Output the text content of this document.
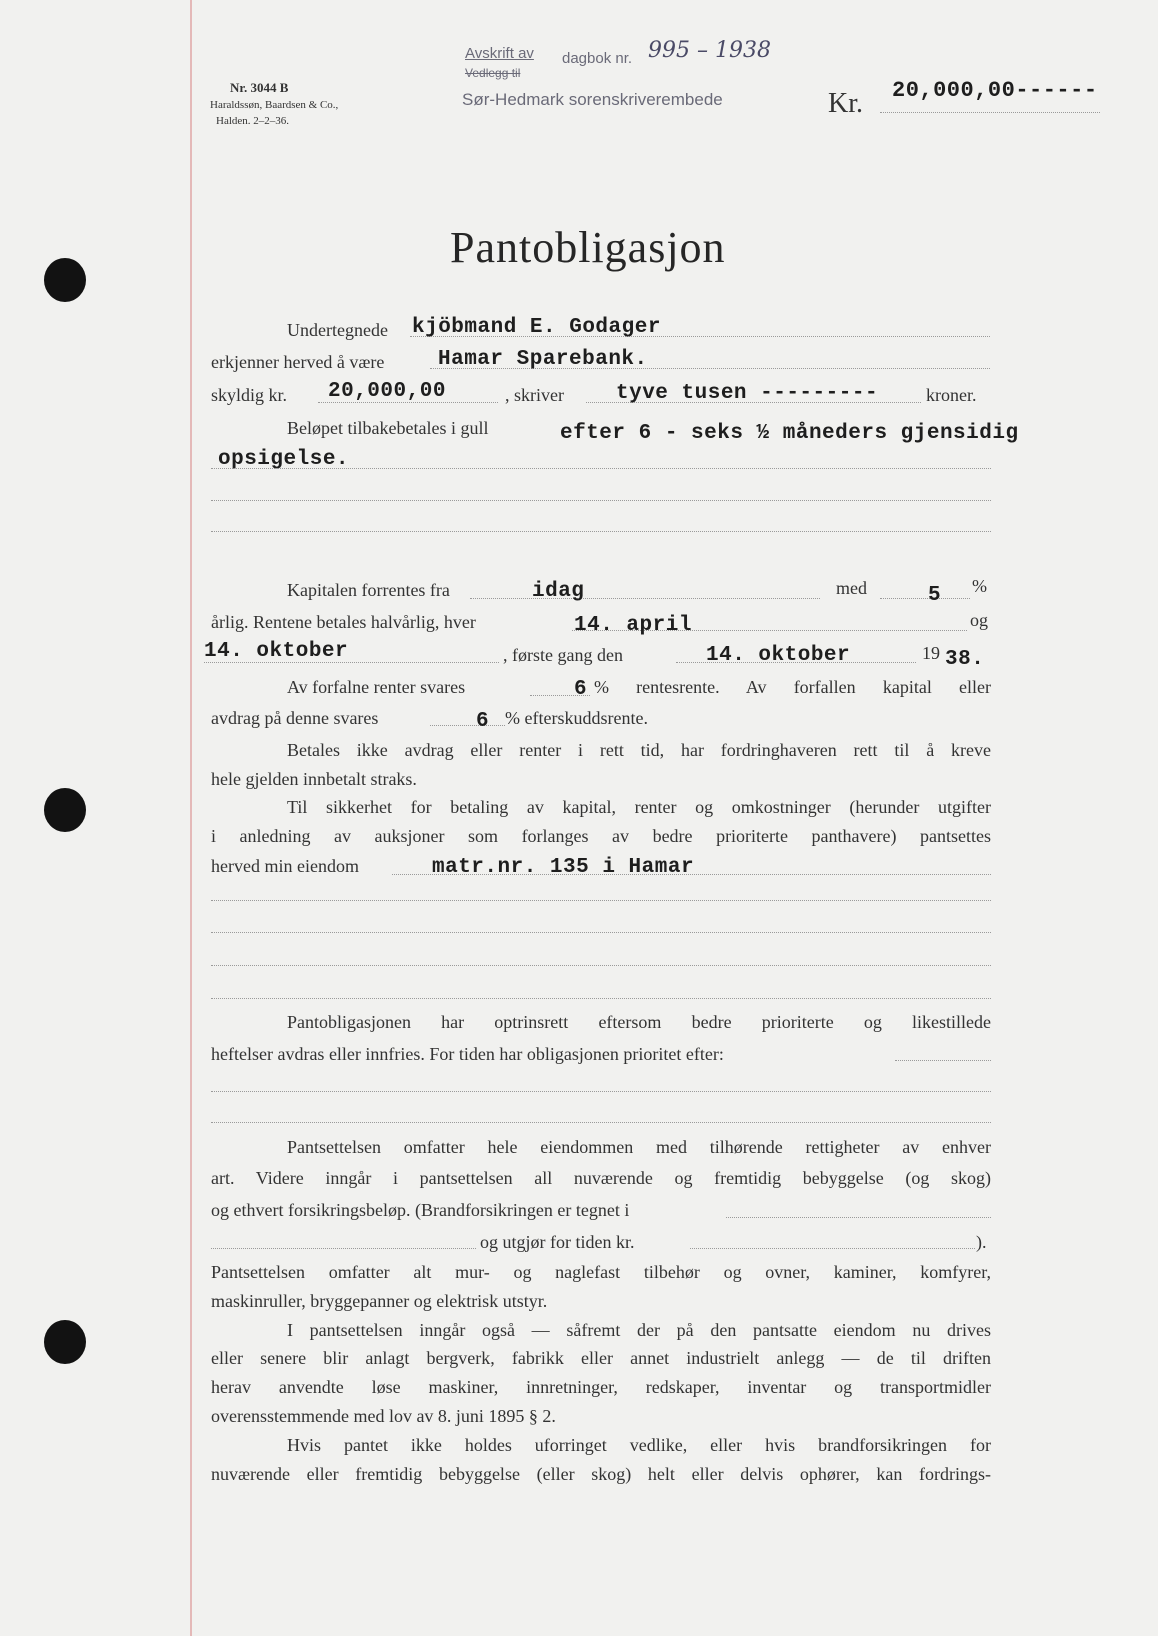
Nr. 3044 B
Haraldssøn, Baardsen & Co.,
Halden. 2–2–36.
Avskrift av dagbok nr. 995 – 1938
Vedlegg til
Sør-Hedmark sorenskriverembede	Kr. 20,000,00------
Pantobligasjon
Undertegnede kjöbmand E. Godager
erkjenner herved å være	Hamar Sparebank.
skyldig kr. 20,000,00	, skriver tyve tusen ---------	kroner.
Beløpet tilbakebetales i gull	efter 6 - seks ½ måneders gjensidig
opsigelse.
Kapitalen forrentes fra	idag	med	5 %
årlig. Rentene betales halvårlig, hver	14. april	og
14. oktober	, første gang den	14. oktober	19 38.
Av forfalne renter svares	6 % rentesrente. Av forfallen kapital eller
avdrag på denne svares	6 % efterskuddsrente.
Betales ikke avdrag eller renter i rett tid, har fordringhaveren rett til å kreve
hele gjelden innbetalt straks.
Til sikkerhet for betaling av kapital, renter og omkostninger (herunder utgifter
i anledning av auksjoner som forlanges av bedre prioriterte panthavere) pantsettes
herved min eiendom	matr.nr. 135 i Hamar
Pantobligasjonen har optrinsrett eftersom bedre prioriterte og likestillede
heftelser avdras eller innfries. For tiden har obligasjonen prioritet efter:
Pantsettelsen omfatter hele eiendommen med tilhørende rettigheter av enhver
art. Videre inngår i pantsettelsen all nuværende og fremtidig bebyggelse (og skog)
og ethvert forsikringsbeløp. (Brandforsikringen er tegnet i
og utgjør for tiden kr.	).
Pantsettelsen omfatter alt mur- og naglefast tilbehør og ovner, kaminer, komfyrer,
maskinruller, bryggepanner og elektrisk utstyr.
I pantsettelsen inngår også — såfremt der på den pantsatte eiendom nu drives
eller senere blir anlagt bergverk, fabrikk eller annet industrielt anlegg — de til driften
herav anvendte løse maskiner, innretninger, redskaper, inventar og transportmidler
overensstemmende med lov av 8. juni 1895 § 2.
Hvis pantet ikke holdes uforringet vedlike, eller hvis brandforsikringen for
nuværende eller fremtidig bebyggelse (eller skog) helt eller delvis ophører, kan fordrings-
